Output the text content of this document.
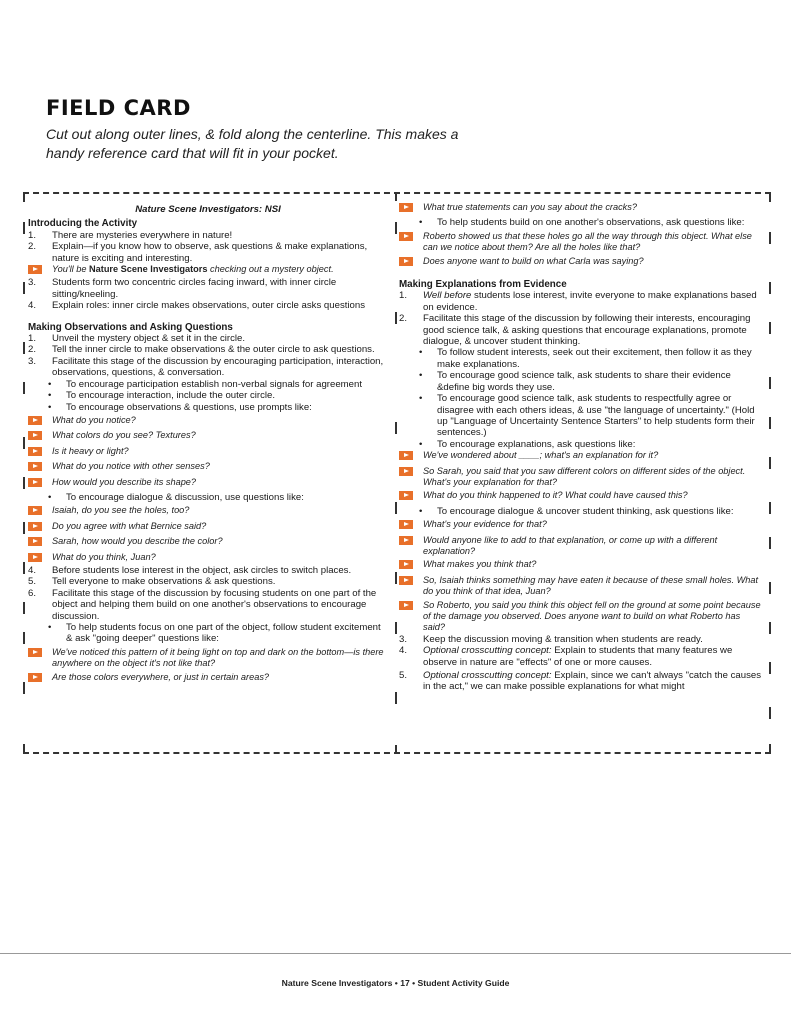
FIELD CARD
Cut out along outer lines, & fold along the centerline. This makes a handy reference card that will fit in your pocket.
Nature Scene Investigators: NSI
Introducing the Activity
1.	There are mysteries everywhere in nature!
2.	Explain—if you know how to observe, ask questions & make explanations, nature is exciting and interesting.
You'll be Nature Scene Investigators checking out a mystery object.
3.	Students form two concentric circles facing inward, with inner circle sitting/kneeling.
4.	Explain roles: inner circle makes observations, outer circle asks questions
Making Observations and Asking Questions
1.	Unveil the mystery object & set it in the circle.
2.	Tell the inner circle to make observations & the outer circle to ask questions.
3.	Facilitate this stage of the discussion by encouraging participation, interaction, observations, questions, & conversation.
•	To encourage participation establish non-verbal signals for agreement
•	To encourage interaction, include the outer circle.
•	To encourage observations & questions, use prompts like:
What do you notice?
What colors do you see? Textures?
Is it heavy or light?
What do you notice with other senses?
How would you describe its shape?
•	To encourage dialogue & discussion, use questions like:
Isaiah, do you see the holes, too?
Do you agree with what Bernice said?
Sarah, how would you describe the color?
What do you think, Juan?
4.	Before students lose interest in the object, ask circles to switch places.
5.	Tell everyone to make observations & ask questions.
6.	Facilitate this stage of the discussion by focusing students on one part of the object and helping them build on one another's observations to encourage discussion.
•	To help students focus on one part of the object, follow student excitement & ask "going deeper" questions like:
We've noticed this pattern of it being light on top and dark on the bottom—is there anywhere on the object it's not like that?
Are those colors everywhere, or just in certain areas?
What true statements can you say about the cracks?
•	To help students build on one another's observations, ask questions like:
Roberto showed us that these holes go all the way through this object. What else can we notice about them? Are all the holes like that?
Does anyone want to build on what Carla was saying?
Making Explanations from Evidence
1.	Well before students lose interest, invite everyone to make explanations based on evidence.
2.	Facilitate this stage of the discussion by following their interests, encouraging good science talk, & asking questions that encourage explanations, promote dialogue, & uncover student thinking.
•	To follow student interests, seek out their excitement, then follow it as they make explanations.
•	To encourage good science talk, ask students to share their evidence &define big words they use.
•	To encourage good science talk, ask students to respectfully agree or disagree with each others ideas, & use "the language of uncertainty." (Hold up "Language of Uncertainty Sentence Starters" to help students form their sentences.)
•	To encourage explanations, ask questions like:
We've wondered about ____; what's an explanation for it?
So Sarah, you said that you saw different colors on different sides of the object. What's your explanation for that?
What do you think happened to it? What could have caused this?
•	To encourage dialogue & uncover student thinking, ask questions like:
What's your evidence for that?
Would anyone like to add to that explanation, or come up with a different explanation?
What makes you think that?
So, Isaiah thinks something may have eaten it because of these small holes. What do you think of that idea, Juan?
So Roberto, you said you think this object fell on the ground at some point because of the damage you observed. Does anyone want to build on what Roberto has said?
3.	Keep the discussion moving & transition when students are ready.
4.	Optional crosscutting concept: Explain to students that many features we observe in nature are "effects" of one or more causes.
5.	Optional crosscutting concept: Explain, since we can't always "catch the causes in the act," we can make possible explanations for what might
Nature Scene Investigators • 17 • Student Activity Guide
